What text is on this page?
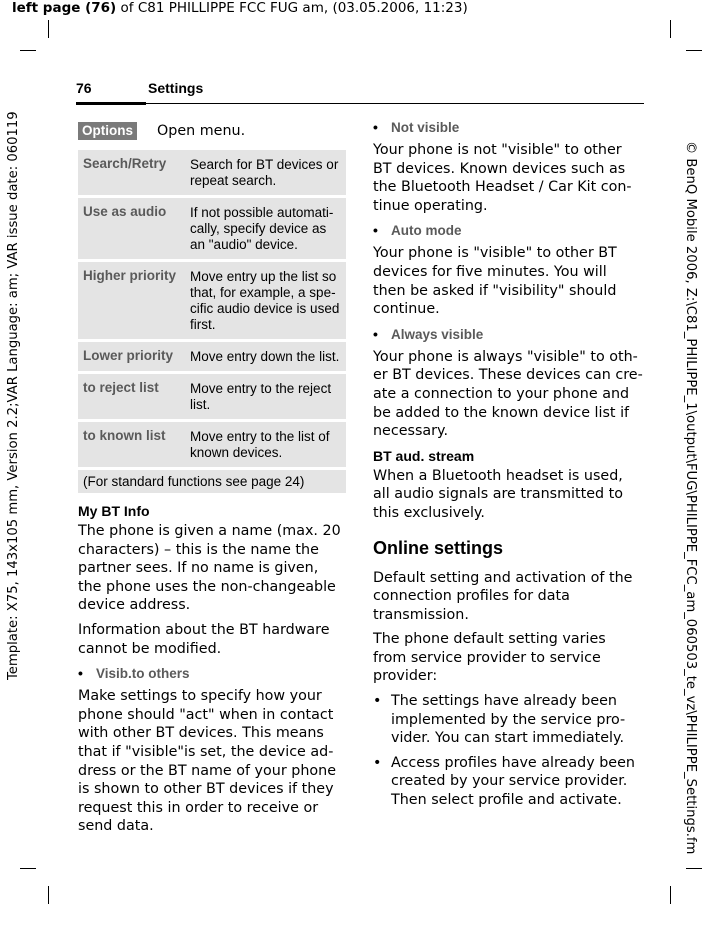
left page (76) of C81 PHILLIPPE FCC FUG am, (03.05.2006, 11:23)
Template: X75, 143x105 mm, Version 2.2;VAR Language: am; VAR issue date: 060119	© BenQ Mobile 2006, Z:\C81_PHILIPPE_1\output\FUG\PHILIPPE_FCC_am_060503_te_vz\PHILIPPE_Settings.fm
76	Settings
Options Open menu.
Search/Retry	Search for BT devices or repeat search.
Use as audio	If not possible automati-cally, specify device as an "audio" device.
Higher priority	Move entry up the list so that, for example, a spe-cific audio device is used first.
Lower priority	Move entry down the list.
to reject list	Move entry to the reject list.
to known list	Move entry to the list of known devices.
(For standard functions see page 24)	
My BT Info
The phone is given a name (max. 20 characters) – this is the name the partner sees. If no name is given, the phone uses the non-changeable device address.
Information about the BT hardware cannot be modified.
• Visib.to others
Make settings to specify how your phone should "act" when in contact with other BT devices. This means that if "visible"is set, the device ad-dress or the BT name of your phone is shown to other BT devices if they request this in order to receive or send data.
• Not visible
Your phone is not "visible" to other BT devices. Known devices such as the Bluetooth Headset / Car Kit con-tinue operating.
• Auto mode
Your phone is "visible" to other BT devices for five minutes. You will then be asked if "visibility" should continue.
• Always visible
Your phone is always "visible" to oth-er BT devices. These devices can cre-ate a connection to your phone and be added to the known device list if necessary.
BT aud. stream
When a Bluetooth headset is used, all audio signals are transmitted to this exclusively.
Online settings
Default setting and activation of the connection profiles for data transmission.
The phone default setting varies from service provider to service provider:
• The settings have already been implemented by the service pro-vider. You can start immediately.
• Access profiles have already been created by your service provider. Then select profile and activate.
